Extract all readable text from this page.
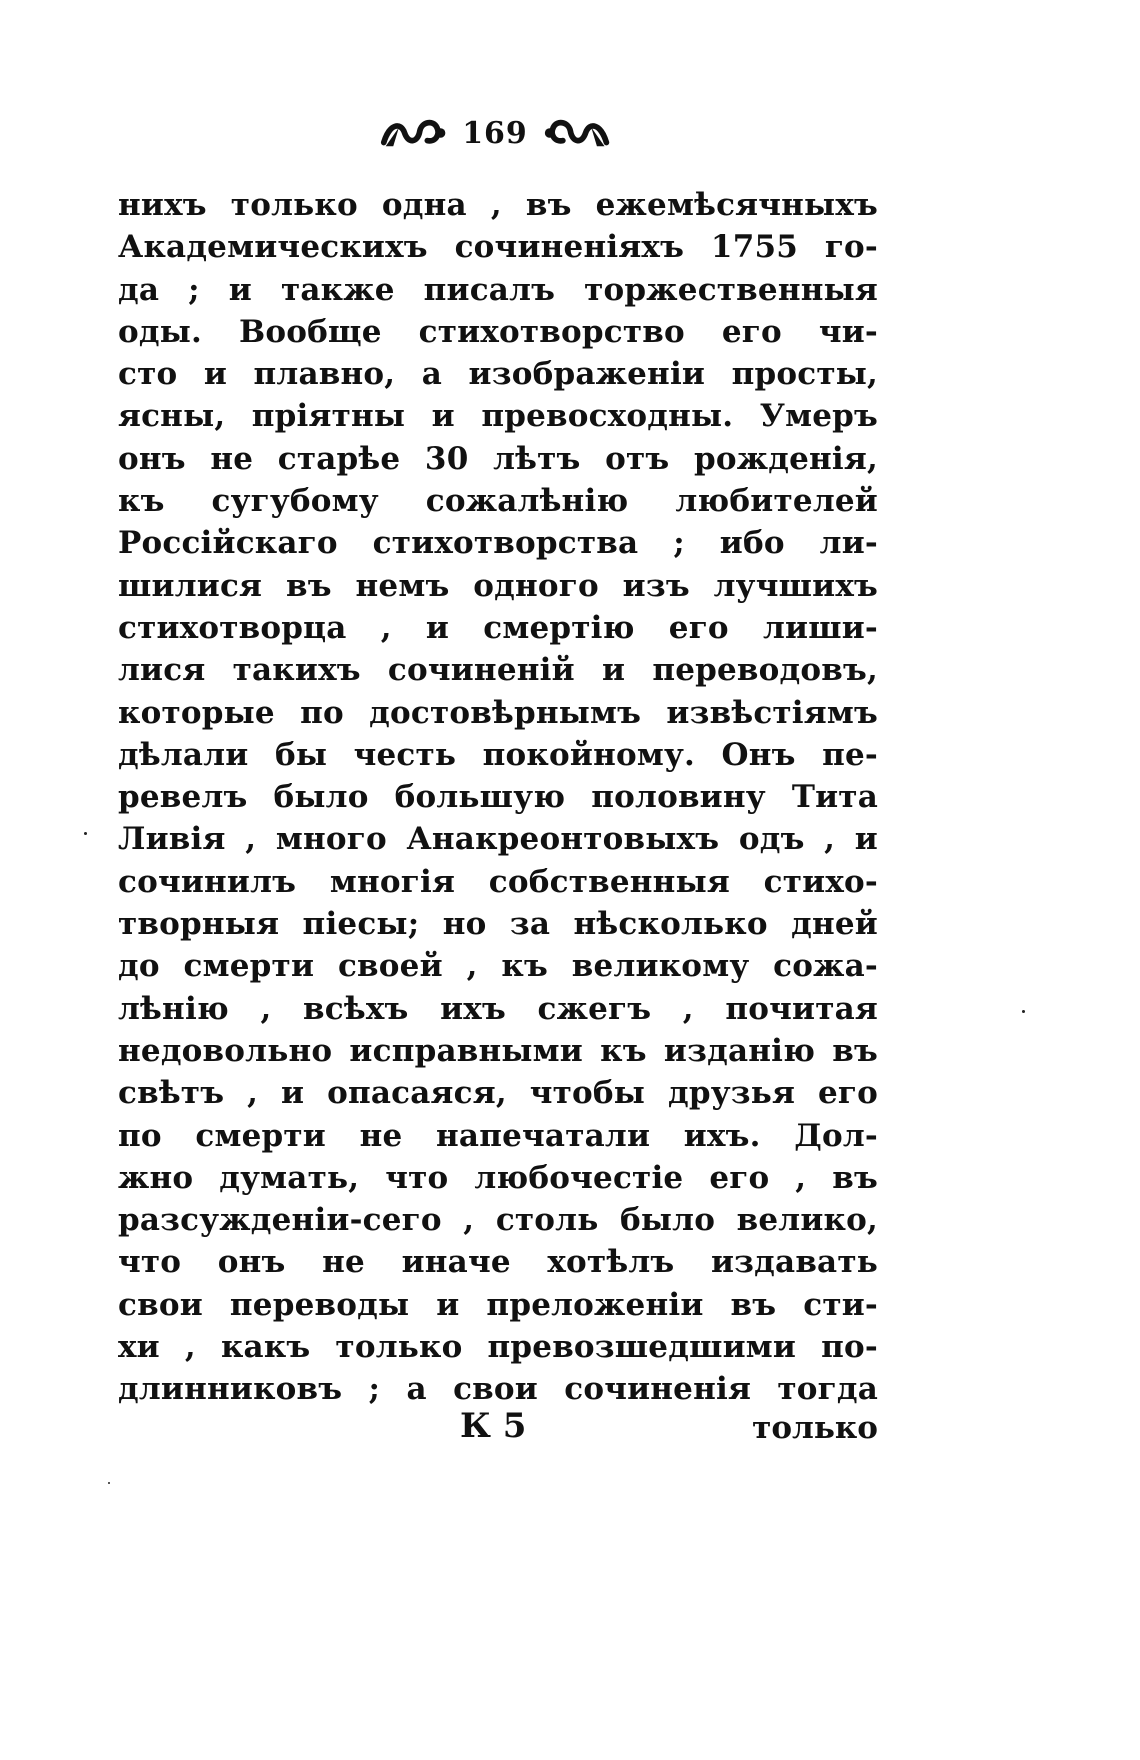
169
нихъ только одна , въ ежемѣсячныхъ
Академическихъ сочиненiяхъ 1755 го-
да ; и также писалъ торжественныя
оды. Вообще стихотворство его чи-
сто и плавно, а изображенiи просты,
ясны, прiятны и превосходны. Умеръ
онъ не старѣе 30 лѣтъ отъ рожденiя,
къ сугубому сожалѣнiю любителей
Россiйскаго стихотворства ; ибо ли-
шилися въ немъ одного изъ лучшихъ
стихотворца , и смертiю его лиши-
лися такихъ сочиненiй и переводовъ,
которые по достовѣрнымъ извѣстiямъ
дѣлали бы честь покойному. Онъ пе-
ревелъ было большую половину Тита
Ливiя , много Анакреонтовыхъ одъ , и
сочинилъ многiя собственныя стихо-
творныя пiесы; но за нѣсколько дней
до смерти своей , къ великому сожа-
лѣнiю , всѣхъ ихъ сжегъ , почитая
недовольно исправными къ изданiю въ
свѣтъ , и опасаяся, чтобы друзья его
по смерти не напечатали ихъ. Дол-
жно думать, что любочестiе его , въ
разсужденiи-сего , столь было велико,
что онъ не иначе хотѣлъ издавать
свои переводы и преложенiи въ сти-
хи , какъ только превозшедшими по-
длинниковъ ; а свои сочиненiя тогда
К 5	только
